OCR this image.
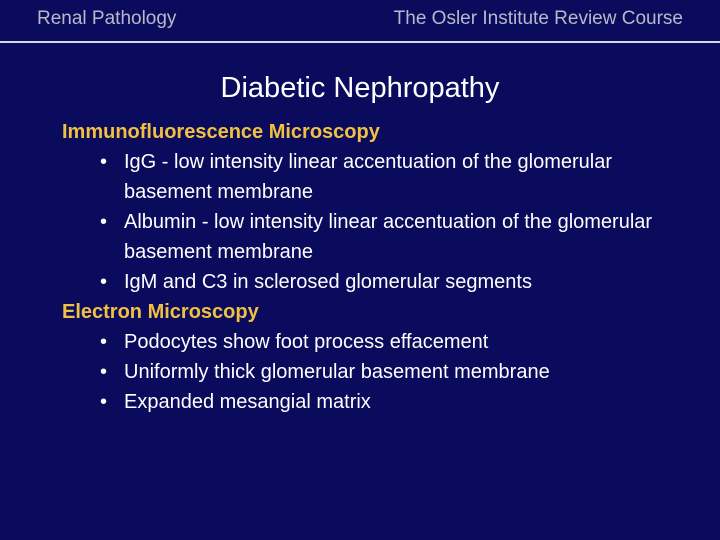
Renal Pathology	The Osler Institute Review Course
Diabetic Nephropathy
Immunofluorescence Microscopy
• IgG - low intensity linear accentuation of the glomerular basement membrane
• Albumin - low intensity linear accentuation of the glomerular basement membrane
• IgM and C3 in sclerosed glomerular segments
Electron Microscopy
• Podocytes show foot process effacement
• Uniformly thick glomerular basement membrane
• Expanded mesangial matrix
